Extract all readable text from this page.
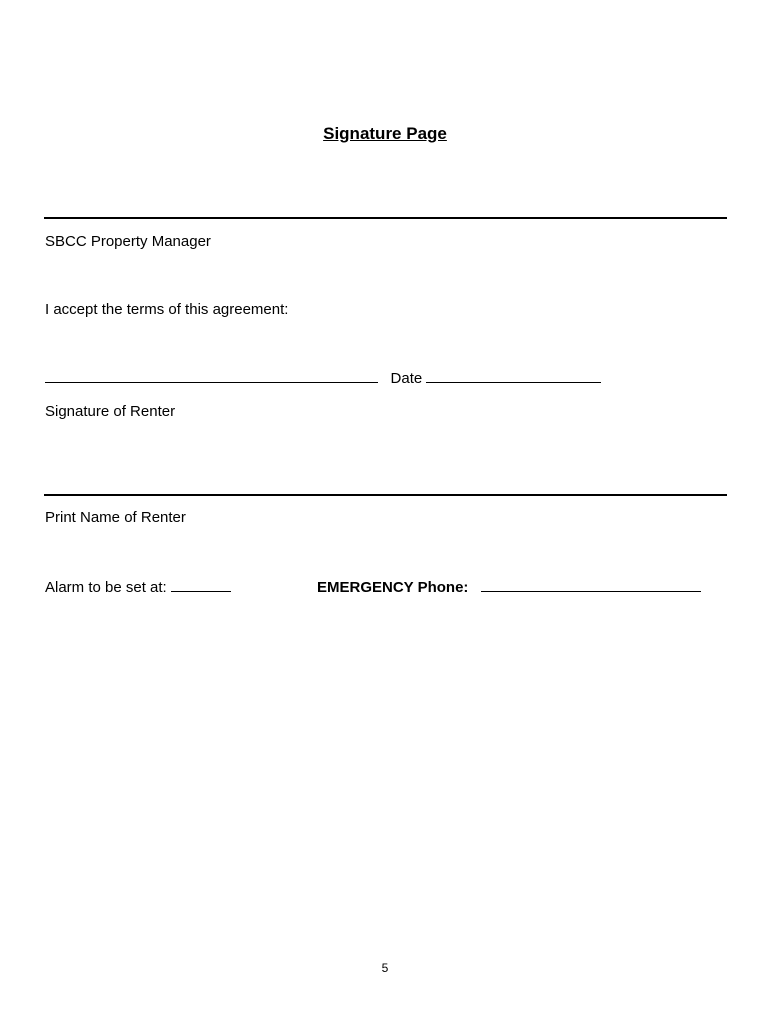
Signature Page
SBCC Property Manager
I accept the terms of this agreement:
Date
Signature of Renter
Print Name of Renter
Alarm to be set at:	EMERGENCY Phone:
5
